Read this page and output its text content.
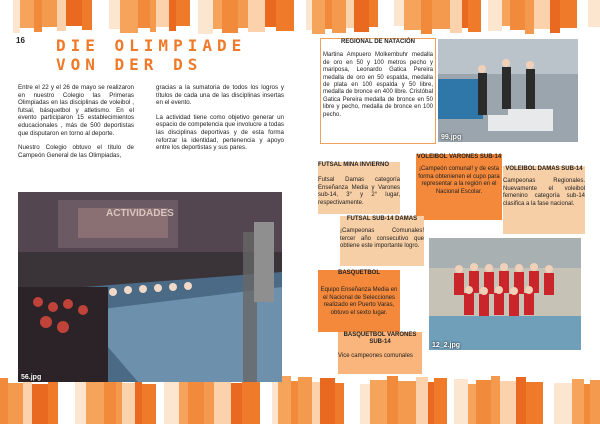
16 DIE OLIMPIADE
VON DER DS

Entre el 22 y el 26 de mayo se realizaron en nuestro Colegio las Primeras Olimpiadas en las disciplinas de voleibol , futsal, básquetbol y atletismo. En el evento participaron 15 establecimientos educacionales , más de 500 deportistas que disputaron en torno al deporte.

Nuestro Colegio obtuvo el título de Campeón General de las Olimpiadas,

gracias a la sumatoria de todos los logros y títulos de cada una de las disciplinas insertas en el evento.

La actividad tiene como objetivo generar un espacio de competencia que involucre a todas las disciplinas deportivas y de esta forma reforzar la identidad, pertenencia y apoyo entre los deportistas y sus pares.

ACTIVIDADES
56.jpg
REGIONAL DE NATACIÓN
Martina Ampuero Molkembuhr medalla de oro en 50 y 100 metros pecho y mariposa, Leonardo Gatica Pereira medalla de oro en 50 espalda, medalla de plata en 100 espalda y 50 libre, medalla de bronce en 400 libre. Cristóbal Gatica Pereira medalla de bronce en 50 libre y pecho, medalla de bronce en 100 pecho.
99.jpg
FUTSAL MINA INVIERNO
Futsal Damas categoría Enseñanza Media y Varones sub-14, 3° y 2° lugar, respectivamente.
VOLEIBOL VARONES SUB-14
¡Campeón comunal! y de esta forma obtenienen el cupo para representar a la región en el Nacional Escolar.
VOLEIBOL DAMAS SUB-14
Campeonas Regionales. Nuevamente el voleibol femenino categoría sub-14 clasifica a la fase nacional.
FUTSAL SUB-14 DAMAS
¡Campeonas Comunales! tercer año consecutivo que obtiene este importante logro.
BASQUETBOL
Equipo Enseñanza Media en el Nacional de Selecciones realizado en Puerto Varas, obtuvo el sexto lugar.
BASQUETBOL VARONES SUB-14
Vice campeones comunales
12_2.jpg
